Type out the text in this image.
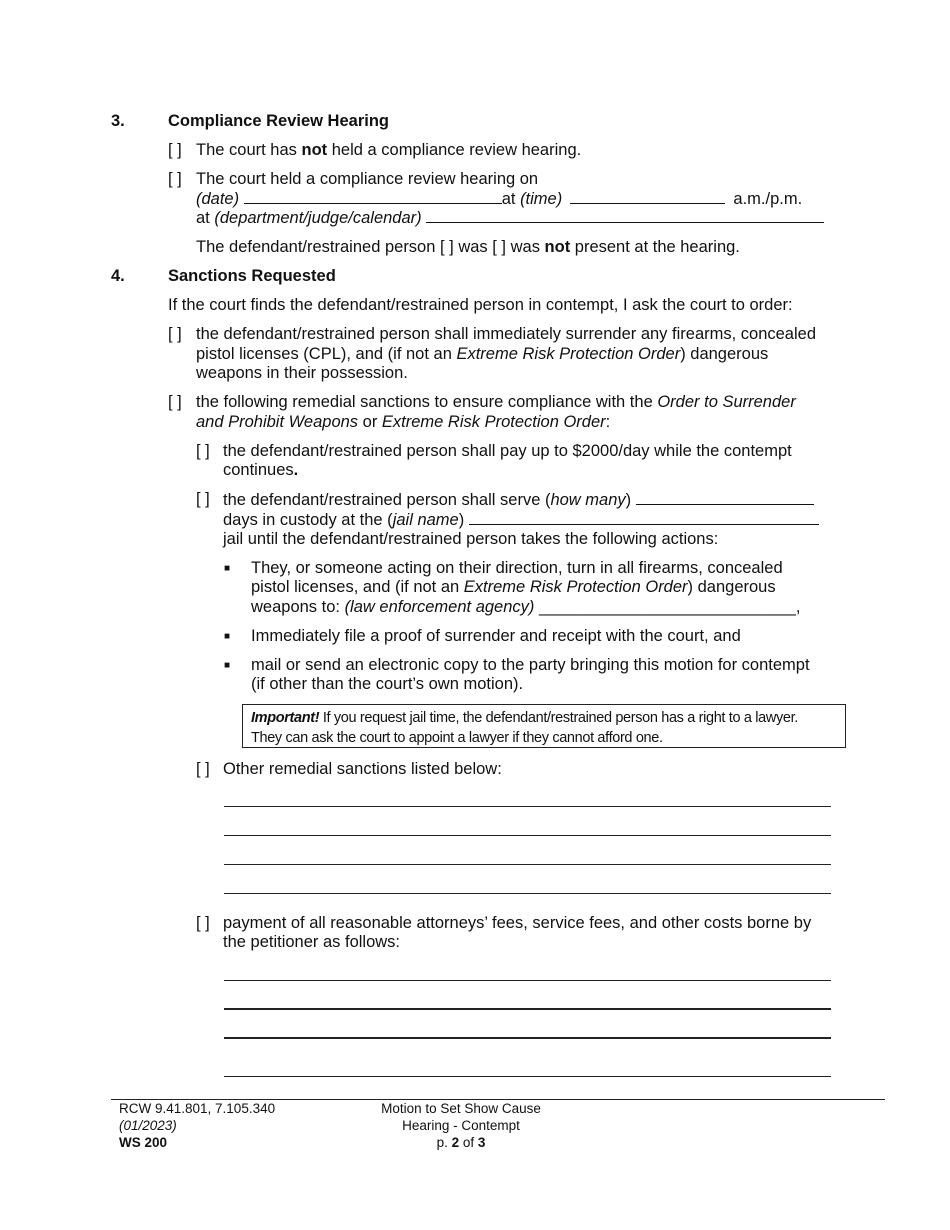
3.	Compliance Review Hearing
[ ] The court has not held a compliance review hearing.
[ ] The court held a compliance review hearing on
(date)	at (time)	a.m./p.m.
at (department/judge/calendar)
The defendant/restrained person [ ] was [ ] was not present at the hearing.
4.	Sanctions Requested
If the court finds the defendant/restrained person in contempt, I ask the court to order:
[ ] the defendant/restrained person shall immediately surrender any firearms, concealed
pistol licenses (CPL), and (if not an Extreme Risk Protection Order) dangerous
weapons in their possession.
[ ] the following remedial sanctions to ensure compliance with the Order to Surrender
and Prohibit Weapons or Extreme Risk Protection Order:
[ ] the defendant/restrained person shall pay up to $2000/day while the contempt
continues.
[ ] the defendant/restrained person shall serve (how many)
days in custody at the (jail name)
jail until the defendant/restrained person takes the following actions:
■ They, or someone acting on their direction, turn in all firearms, concealed
pistol licenses, and (if not an Extreme Risk Protection Order) dangerous
weapons to: (law enforcement agency) ____________________________,
■ Immediately file a proof of surrender and receipt with the court, and
■ mail or send an electronic copy to the party bringing this motion for contempt
(if other than the court’s own motion).
Important! If you request jail time, the defendant/restrained person has a right to a lawyer.
They can ask the court to appoint a lawyer if they cannot afford one.
[ ] Other remedial sanctions listed below:
[ ] payment of all reasonable attorneys’ fees, service fees, and other costs borne by
the petitioner as follows:
RCW 9.41.801, 7.105.340
(01/2023)
WS 200
Motion to Set Show Cause
Hearing - Contempt
p. 2 of 3
